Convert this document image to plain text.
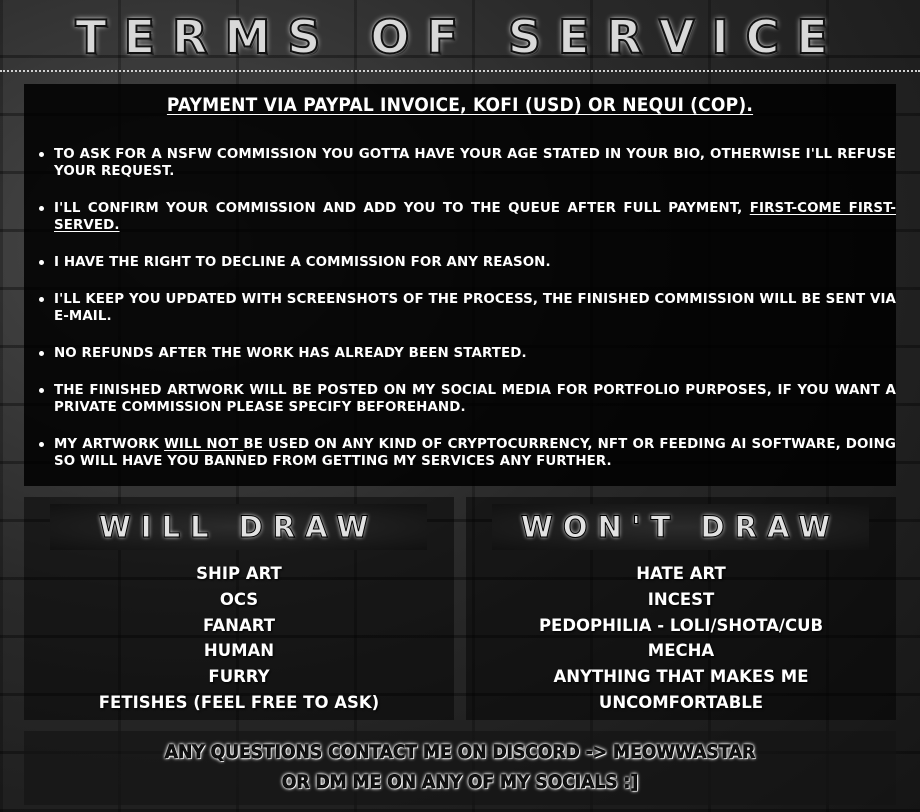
TERMS OF SERVICE
PAYMENT VIA PAYPAL INVOICE, KOFI (USD) OR NEQUI (COP).
TO ASK FOR A NSFW COMMISSION YOU GOTTA HAVE YOUR AGE STATED IN YOUR BIO, OTHERWISE I'LL REFUSE YOUR REQUEST.
I'LL CONFIRM YOUR COMMISSION AND ADD YOU TO THE QUEUE AFTER FULL PAYMENT, FIRST-COME FIRST-SERVED.
I HAVE THE RIGHT TO DECLINE A COMMISSION FOR ANY REASON.
I'LL KEEP YOU UPDATED WITH SCREENSHOTS OF THE PROCESS, THE FINISHED COMMISSION WILL BE SENT VIA E-MAIL.
NO REFUNDS AFTER THE WORK HAS ALREADY BEEN STARTED.
THE FINISHED ARTWORK WILL BE POSTED ON MY SOCIAL MEDIA FOR PORTFOLIO PURPOSES, IF YOU WANT A PRIVATE COMMISSION PLEASE SPECIFY BEFOREHAND.
MY ARTWORK WILL NOT BE USED ON ANY KIND OF CRYPTOCURRENCY, NFT OR FEEDING AI SOFTWARE, DOING SO WILL HAVE YOU BANNED FROM GETTING MY SERVICES ANY FURTHER.
WILL DRAW
SHIP ART
OCS
FANART
HUMAN
FURRY
FETISHES (FEEL FREE TO ASK)
WON'T DRAW
HATE ART
INCEST
PEDOPHILIA - LOLI/SHOTA/CUB
MECHA
ANYTHING THAT MAKES ME
UNCOMFORTABLE
ANY QUESTIONS CONTACT ME ON DISCORD -> MEOWWASTAR
OR DM ME ON ANY OF MY SOCIALS :]
